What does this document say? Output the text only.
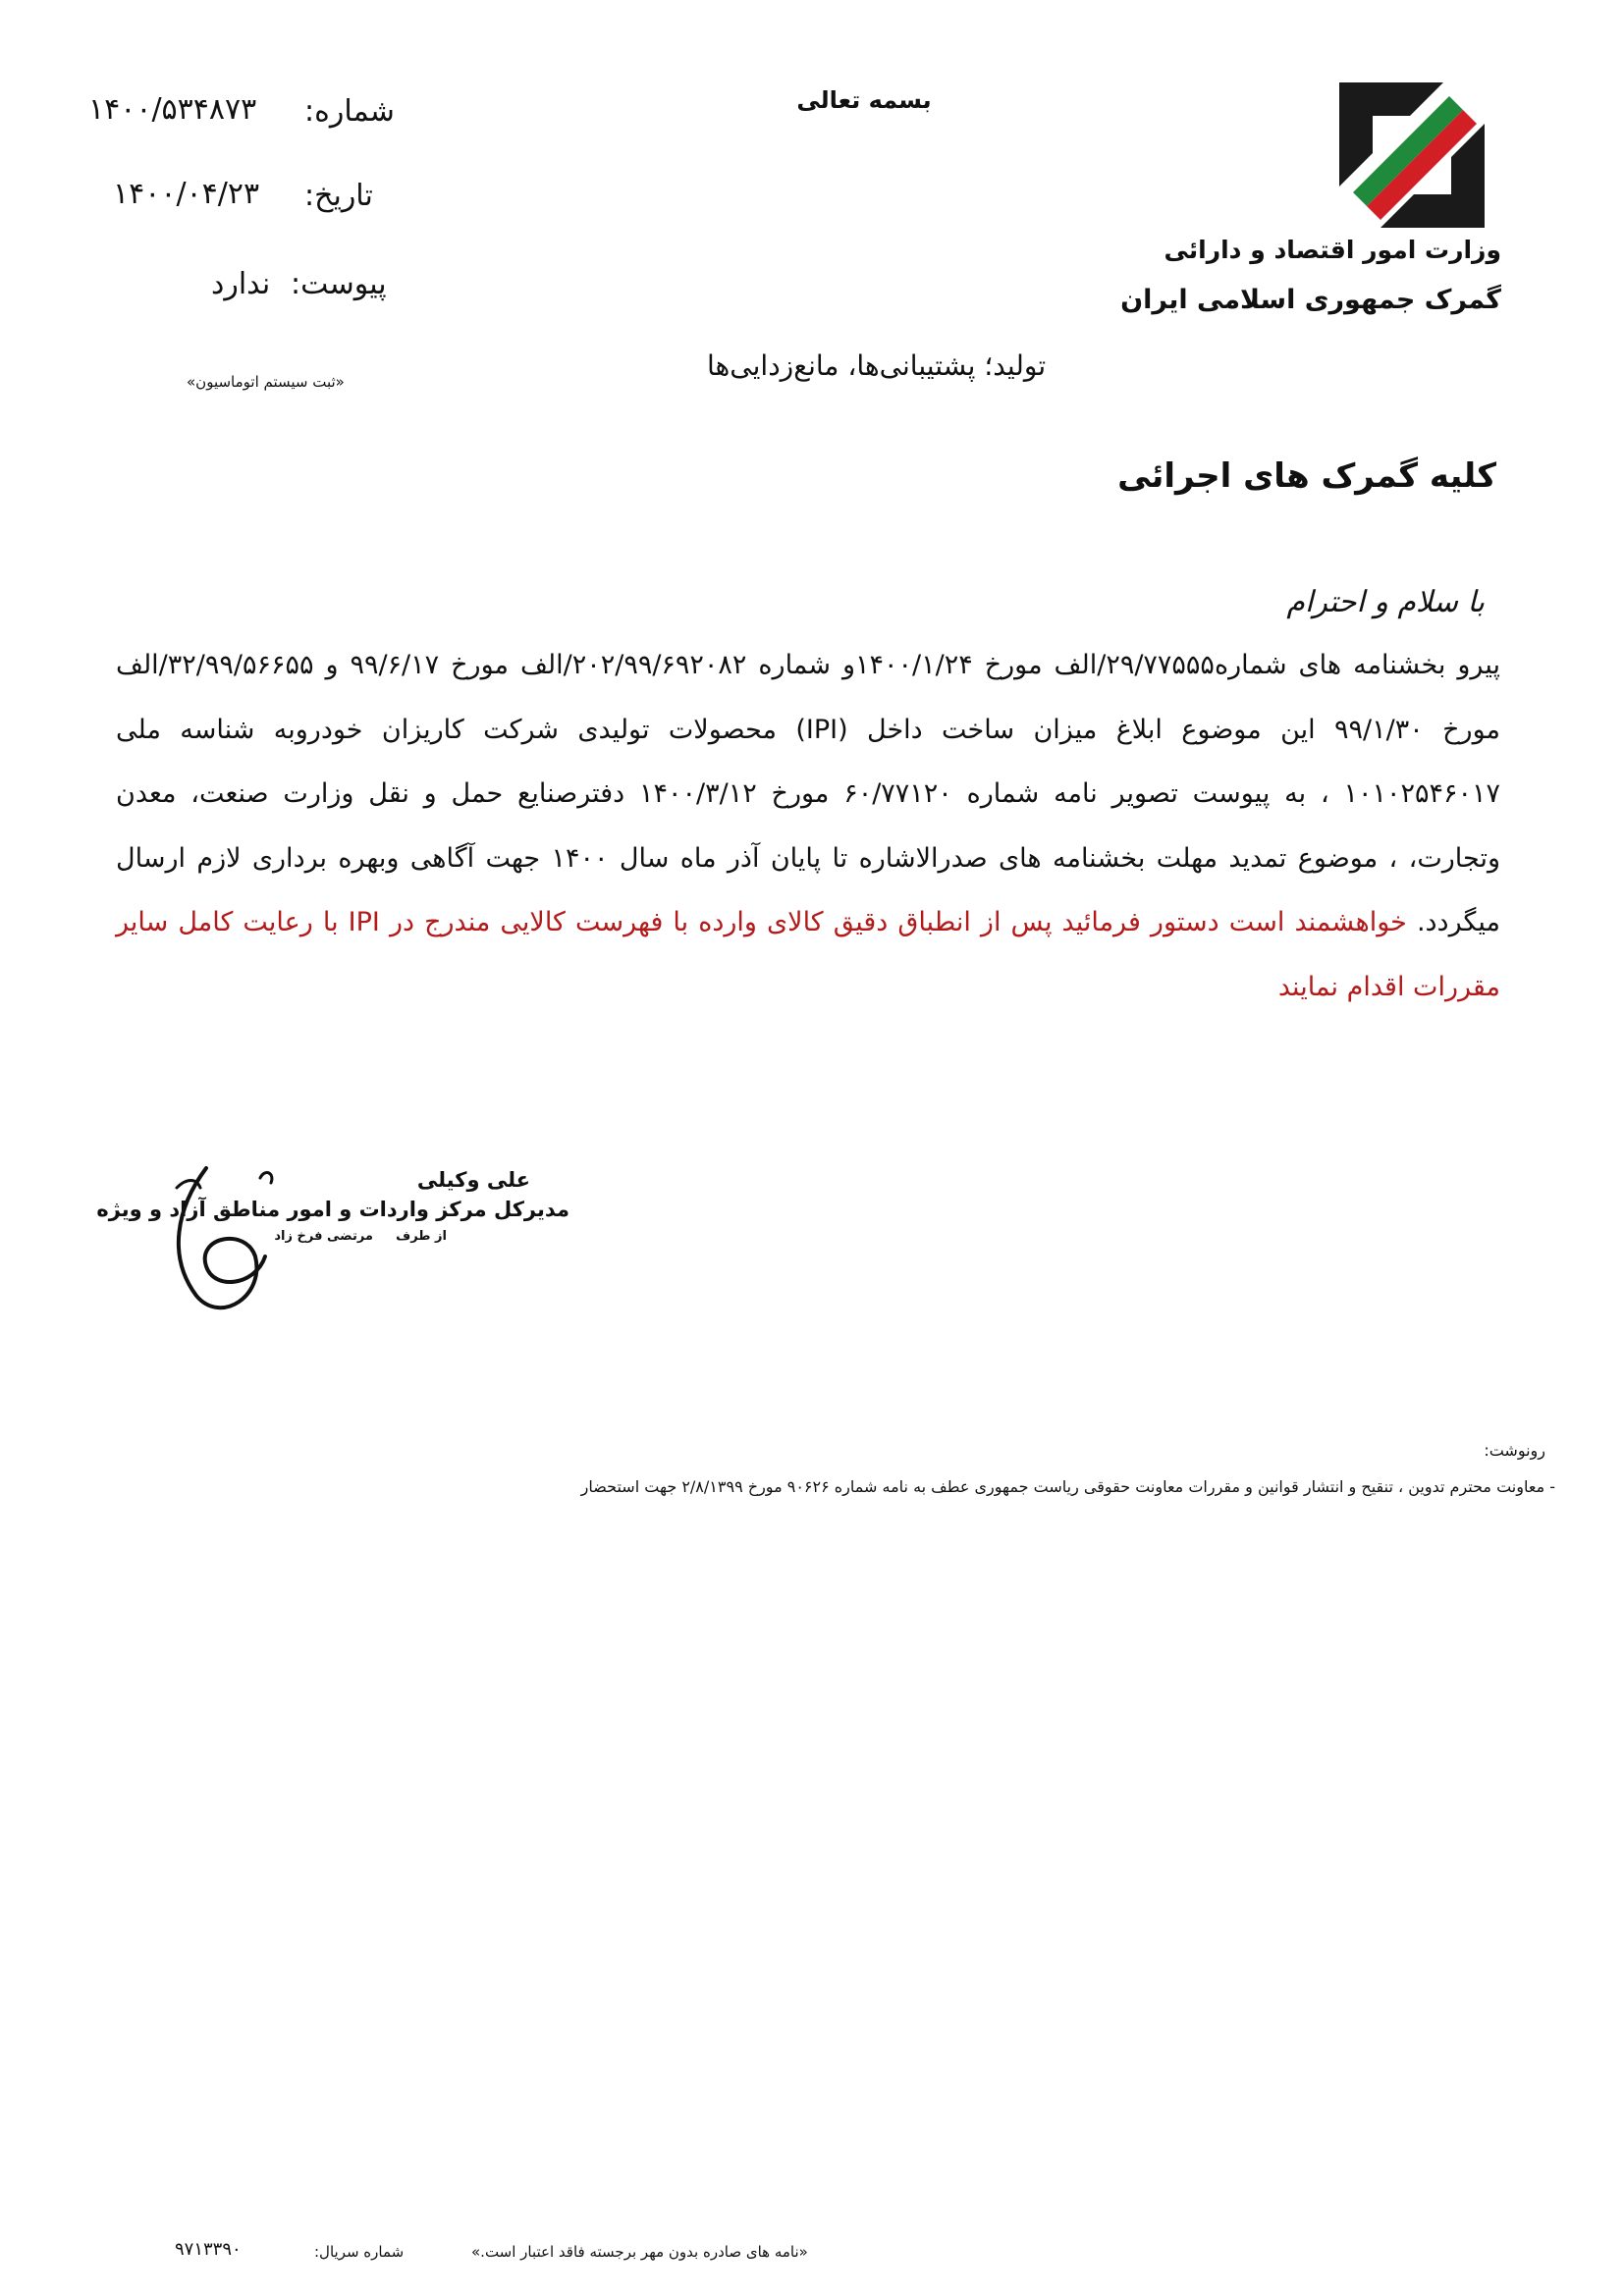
وزارت امور اقتصاد و دارائی
گمرک جمهوری اسلامی ایران
بسمه تعالی
شماره:
۱۴۰۰/۵۳۴۸۷۳
تاریخ:
۱۴۰۰/۰۴/۲۳
پیوست:
ندارد
«ثبت سیستم اتوماسیون»	تولید؛ پشتیبانی‌ها، مانع‌زدایی‌ها
کلیه گمرک های اجرائی
با سلام و احترام
پیرو بخشنامه های شماره۲۹/۷۷۵۵۵/الف مورخ ۱۴۰۰/۱/۲۴و شماره ۲۰۲/۹۹/۶۹۲۰۸۲/الف مورخ ۹۹/۶/۱۷ و ۳۲/۹۹/۵۶۶۵۵/الف مورخ ۹۹/۱/۳۰ این موضوع ابلاغ میزان ساخت داخل (IPI) محصولات تولیدی شرکت کاریزان خودروبه شناسه ملی ۱۰۱۰۲۵۴۶۰۱۷ ، به پیوست تصویر نامه شماره ۶۰/۷۷۱۲۰ مورخ ۱۴۰۰/۳/۱۲ دفترصنایع حمل و نقل وزارت صنعت، معدن وتجارت، ، موضوع تمدید مهلت بخشنامه های صدرالاشاره تا پایان آذر ماه سال ۱۴۰۰ جهت آگاهی وبهره برداری لازم ارسال میگردد. خواهشمند است دستور فرمائید پس از انطباق دقیق کالای وارده با فهرست کالایی مندرج در IPI با رعایت کامل سایر مقررات اقدام نمایند
علی وکیلی
مدیرکل مرکز واردات و امور مناطق آزاد و ویژه
از طرف
مرتضی فرخ زاد
رونوشت:
- معاونت محترم تدوین ، تنقیح و انتشار قوانین و مقررات معاونت حقوقی ریاست جمهوری عطف به نامه شماره ۹۰۶۲۶ مورخ ۲/۸/۱۳۹۹ جهت استحضار
«نامه های صادره بدون مهر برجسته فاقد اعتبار است.»
شماره سریال:
۹۷۱۳۳۹۰
